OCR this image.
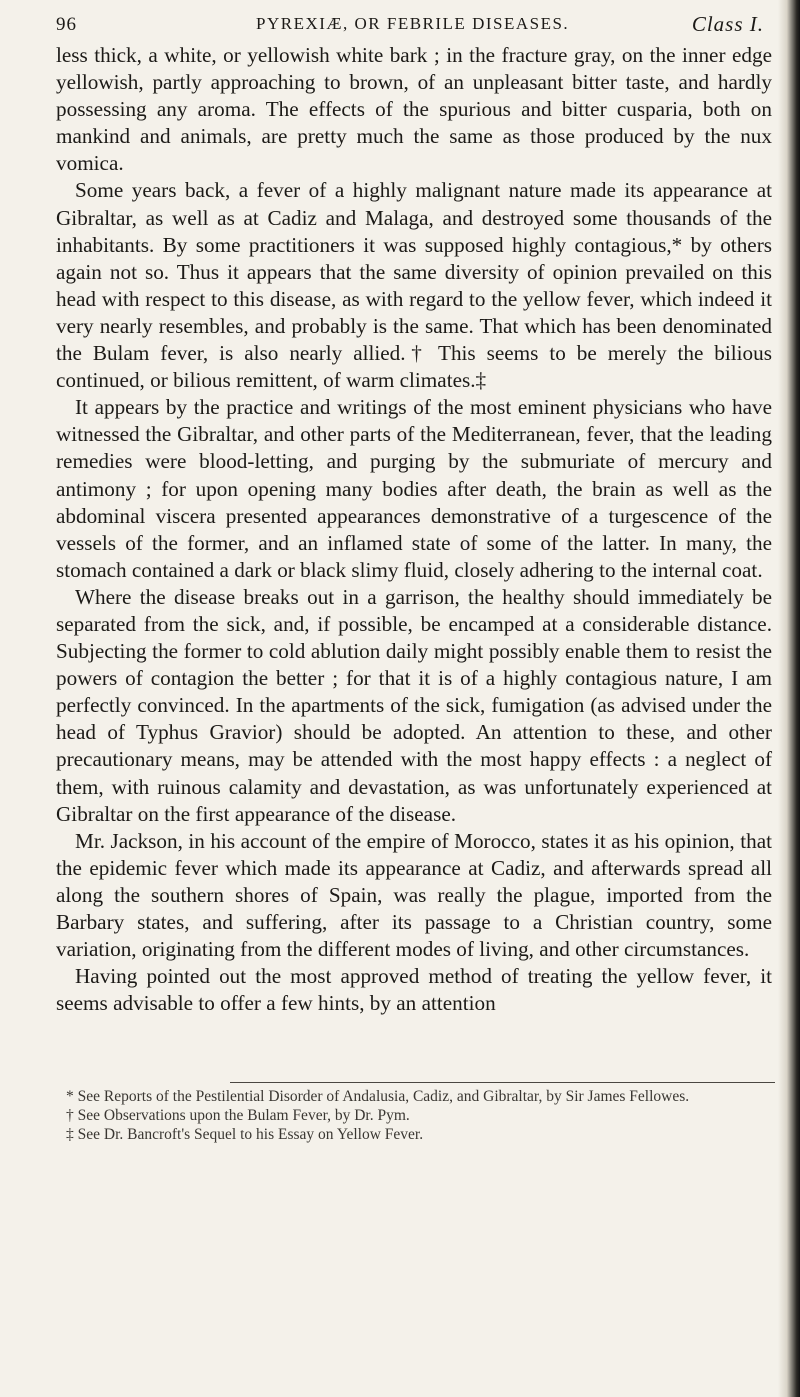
96	PYREXIÆ, OR FEBRILE DISEASES.	Class I.

less thick, a white, or yellowish white bark ; in the fracture gray, on the inner edge yellowish, partly approaching to brown, of an unpleasant bitter taste, and hardly possessing any aroma. The effects of the spurious and bitter cusparia, both on mankind and animals, are pretty much the same as those produced by the nux vomica.

Some years back, a fever of a highly malignant nature made its appearance at Gibraltar, as well as at Cadiz and Malaga, and destroyed some thousands of the inhabitants. By some practitioners it was supposed highly contagious,* by others again not so. Thus it appears that the same diversity of opinion prevailed on this head with respect to this disease, as with regard to the yellow fever, which indeed it very nearly resembles, and probably is the same. That which has been denominated the Bulam fever, is also nearly allied.† This seems to be merely the bilious continued, or bilious remittent, of warm climates.‡

It appears by the practice and writings of the most eminent physicians who have witnessed the Gibraltar, and other parts of the Mediterranean, fever, that the leading remedies were blood-letting, and purging by the submuriate of mercury and antimony ; for upon opening many bodies after death, the brain as well as the abdominal viscera presented appearances demonstrative of a turgescence of the vessels of the former, and an inflamed state of some of the latter. In many, the stomach contained a dark or black slimy fluid, closely adhering to the internal coat.

Where the disease breaks out in a garrison, the healthy should immediately be separated from the sick, and, if possible, be encamped at a considerable distance. Subjecting the former to cold ablution daily might possibly enable them to resist the powers of contagion the better ; for that it is of a highly contagious nature, I am perfectly convinced. In the apartments of the sick, fumigation (as advised under the head of Typhus Gravior) should be adopted. An attention to these, and other precautionary means, may be attended with the most happy effects : a neglect of them, with ruinous calamity and devastation, as was unfortunately experienced at Gibraltar on the first appearance of the disease.

Mr. Jackson, in his account of the empire of Morocco, states it as his opinion, that the epidemic fever which made its appearance at Cadiz, and afterwards spread all along the southern shores of Spain, was really the plague, imported from the Barbary states, and suffering, after its passage to a Christian country, some variation, originating from the different modes of living, and other circumstances.

Having pointed out the most approved method of treating the yellow fever, it seems advisable to offer a few hints, by an attention

* See Reports of the Pestilential Disorder of Andalusia, Cadiz, and Gibraltar, by Sir James Fellowes.

† See Observations upon the Bulam Fever, by Dr. Pym.

‡ See Dr. Bancroft's Sequel to his Essay on Yellow Fever.
